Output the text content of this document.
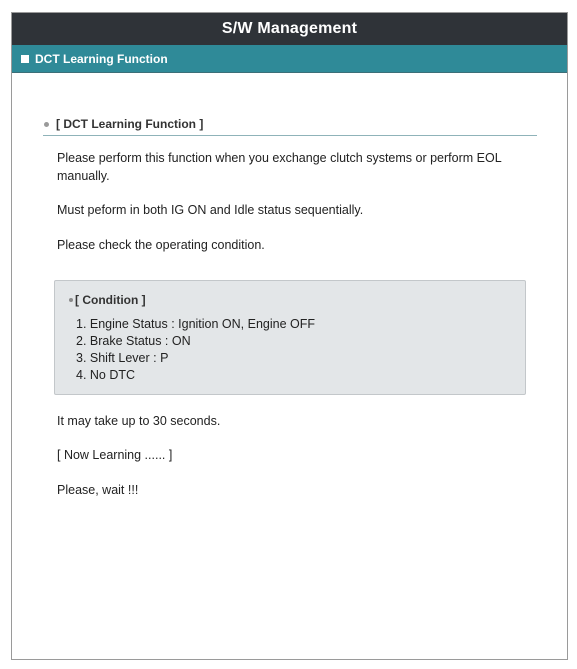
S/W Management
DCT Learning Function
[ DCT Learning Function ]
Please perform this function when you exchange clutch systems or perform EOL manually.
Must peform in both IG ON and Idle status sequentially.
Please check the operating condition.
[ Condition ]
1. Engine Status : Ignition ON, Engine OFF
2. Brake Status : ON
3. Shift Lever : P
4. No DTC
It may take up to 30 seconds.
[ Now Learning ...... ]
Please, wait !!!
